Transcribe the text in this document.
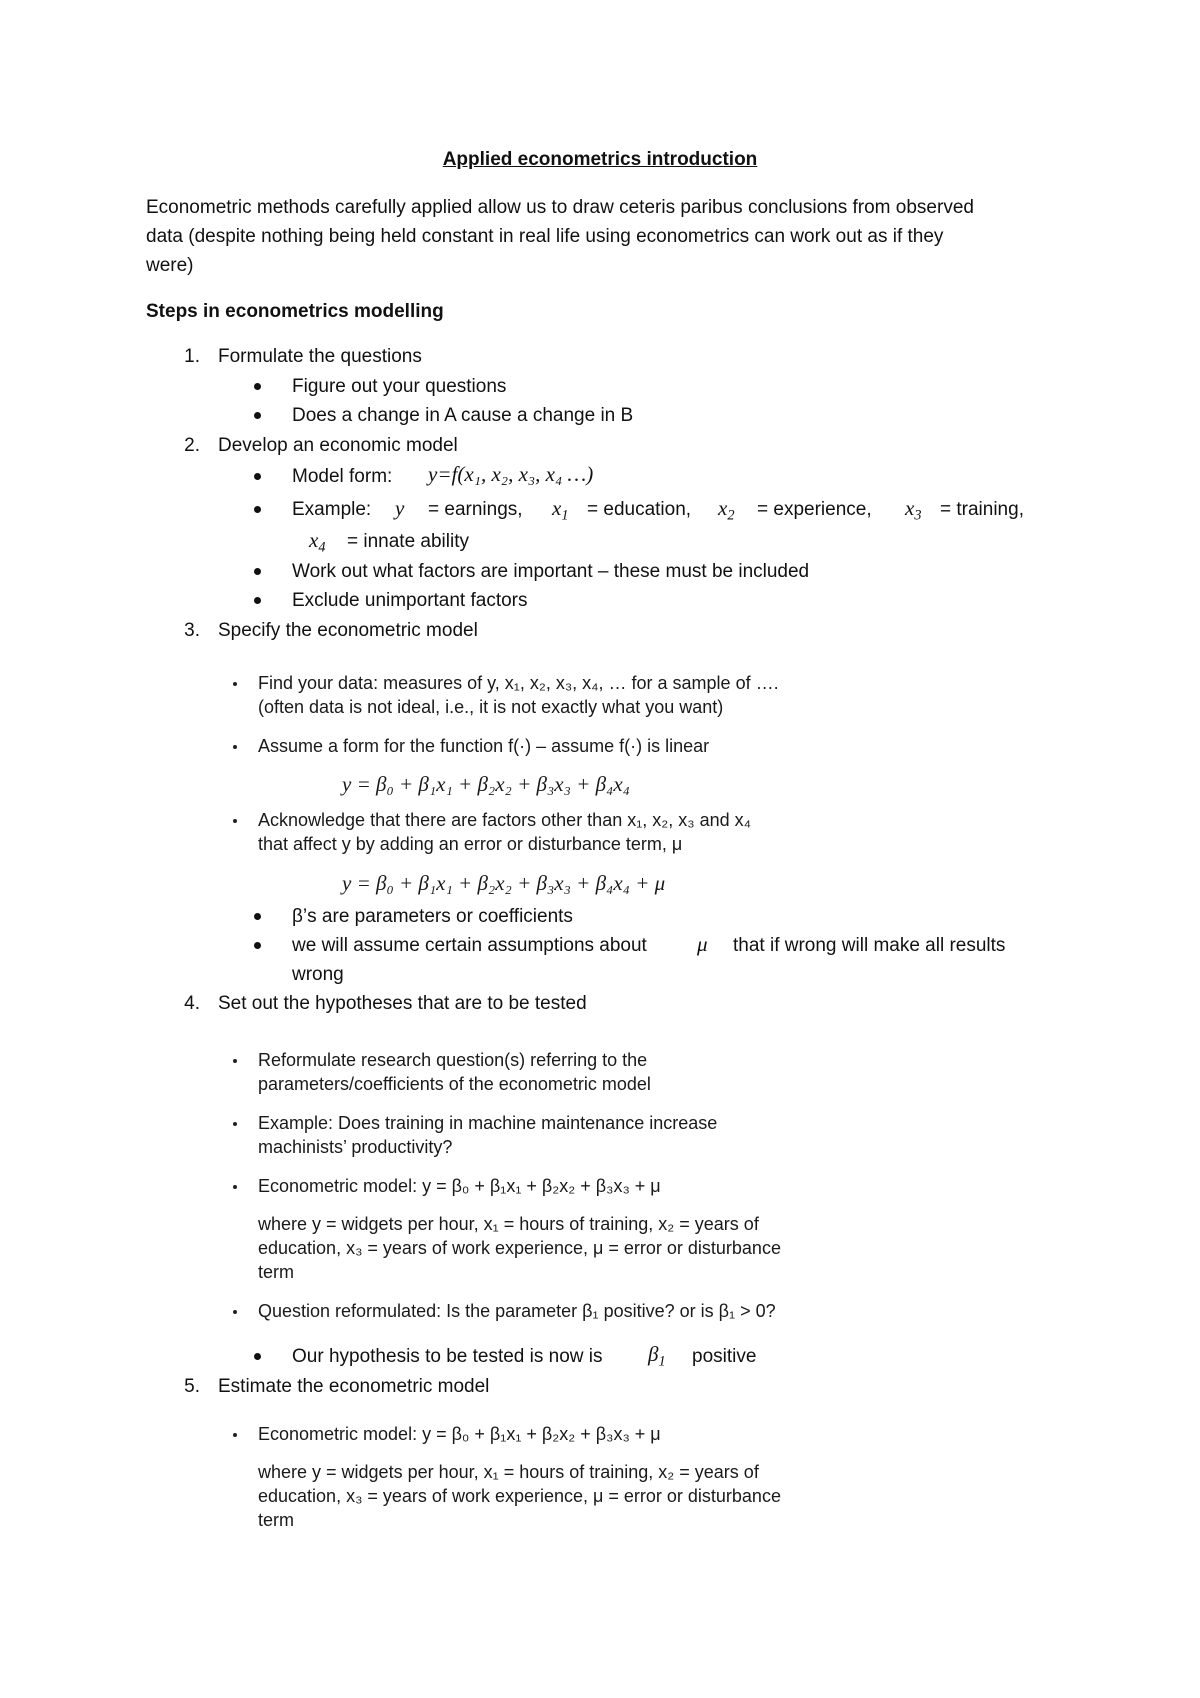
Applied econometrics introduction
Econometric methods carefully applied allow us to draw ceteris paribus conclusions from observed
data (despite nothing being held constant in real life using econometrics can work out as if they
were)
Steps in econometrics modelling
1. Formulate the questions
Figure out your questions
Does a change in A cause a change in B
2. Develop an economic model
Model form: y=f(x₁, x₂, x₃, x₄ …)
Example: y = earnings, $x_1$ = education, $x_2$ = experience, $x_3$ = training,
$x_4$ = innate ability
Work out what factors are important – these must be included
Exclude unimportant factors
3. Specify the econometric model
Find your data: measures of y, x₁, x₂, x₃, x₄, … for a sample of ….
(often data is not ideal, i.e., it is not exactly what you want)
Assume a form for the function f(·) – assume f(·) is linear
y = β₀ + β₁x₁ + β₂x₂ + β₃x₃ + β₄x₄
Acknowledge that there are factors other than x₁, x₂, x₃ and x₄
that affect y by adding an error or disturbance term, μ
y = β₀ + β₁x₁ + β₂x₂ + β₃x₃ + β₄x₄ + μ
β’s are parameters or coefficients
we will assume certain assumptions about μ that if wrong will make all results
wrong
4. Set out the hypotheses that are to be tested
Reformulate research question(s) referring to the
parameters/coefficients of the econometric model
Example: Does training in machine maintenance increase
machinists’ productivity?
Econometric model: y = β₀ + β₁x₁ + β₂x₂ + β₃x₃ + μ
where y = widgets per hour, x₁ = hours of training, x₂ = years of
education, x₃ = years of work experience, μ = error or disturbance
term
Question reformulated: Is the parameter β₁ positive? or is β₁ > 0?
Our hypothesis to be tested is now is $\beta_1$ positive
5. Estimate the econometric model
Econometric model: y = β₀ + β₁x₁ + β₂x₂ + β₃x₃ + μ
where y = widgets per hour, x₁ = hours of training, x₂ = years of
education, x₃ = years of work experience, μ = error or disturbance
term
